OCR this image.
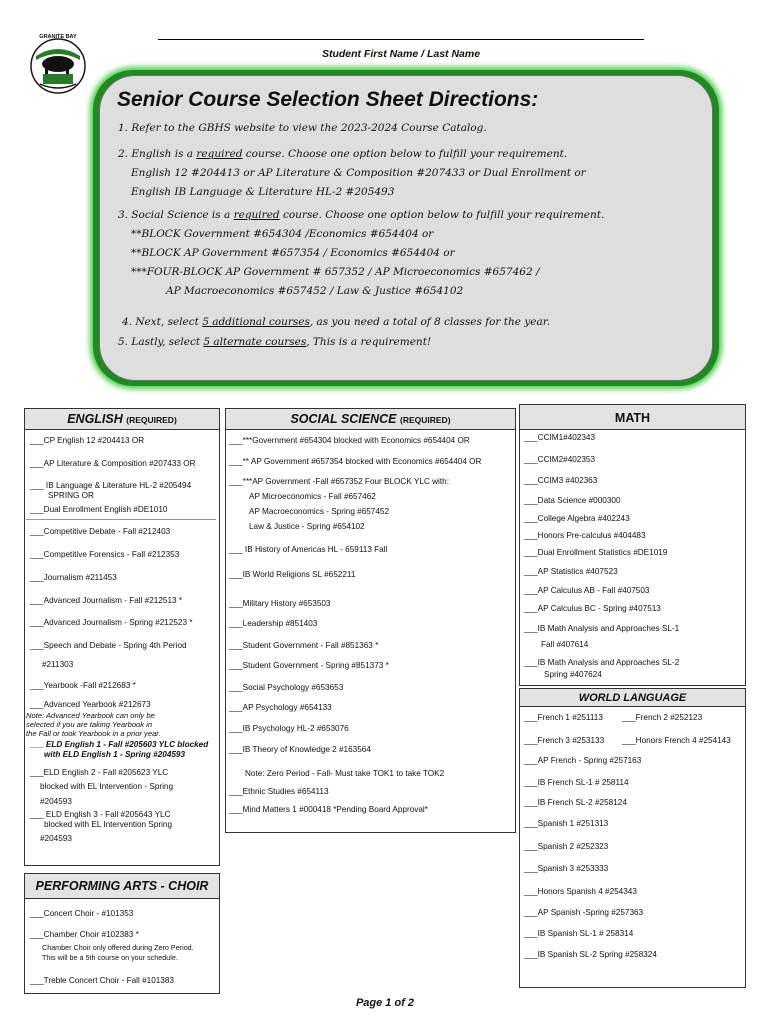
GRANITE BAY
Student First Name / Last Name
Senior Course Selection Sheet Directions:
1. Refer to the GBHS website to view the 2023-2024 Course Catalog.
2. English is a required course. Choose one option below to fulfill your requirement.
English 12 #204413 or AP Literature & Composition #207433 or Dual Enrollment or
English IB Language & Literature HL-2 #205493
3. Social Science is a required course. Choose one option below to fulfill your requirement.
**BLOCK Government #654304 /Economics #654404 or
**BLOCK AP Government #657354 / Economics #654404 or
***FOUR-BLOCK AP Government # 657352 / AP Microeconomics #657462 /
AP Macroeconomics #657452 / Law & Justice #654102
4. Next, select 5 additional courses, as you need a total of 8 classes for the year.
5. Lastly, select 5 alternate courses, This is a requirement!
ENGLISH (REQUIRED)
___CP English 12 #204413 OR
___AP Literature & Composition #207433 OR
___ IB Language & Literature HL-2 #205494
SPRING OR
___Dual Enrollment English #DE1010
___Competitive Debate - Fall #212403
___Competitive Forensics - Fall #212353
___Journalism #211453
___Advanced Journalism - Fall #212513 *
___Advanced Journalism - Spring #212523 *
___Speech and Debate - Spring 4th Period
#211303
___Yearbook -Fall #212683 *
___Advanced Yearbook #212673
Note: Advanced Yearbook can only be
selected if you are taking Yearbook in
the Fall or took Yearbook in a prior year.
___ ELD English 1 - Fall #205603 YLC blocked
with ELD English 1 - Spring #204593
___ELD English 2 - Fall #205623 YLC
blocked with EL Intervention - Spring
#204593
___ ELD English 3 - Fall #205643 YLC
blocked with EL Intervention Spring
#204593
PERFORMING ARTS - CHOIR
___Concert Choir - #101353
___Chamber Choir #102383 *
Chamber Choir only offered during Zero Period.
This will be a 5th course on your schedule.
___Treble Concert Choir - Fall #101383
SOCIAL SCIENCE (REQUIRED)
___***Government #654304 blocked with Economics #654404 OR
___** AP Government #657354 blocked with Economics #654404 OR
___***AP Government -Fall #657352 Four BLOCK YLC with:
AP Microeconomics - Fall #657462
AP Macroeconomics - Spring #657452
Law & Justice - Spring #654102
___ IB History of Americas HL - 659113 Fall
___IB World Religions SL #652211
___Military History #653503
___Leadership #851403
___Student Government - Fall #851363 *
___Student Government - Spring #851373 *
___Social Psychology #653653
___AP Psychology #654133
___IB Psychology HL-2 #653076
___IB Theory of Knowledge 2 #163564
Note: Zero Period - Fall- Must take TOK1 to take TOK2
___Ethnic Studies #654113
___Mind Matters 1 #000418 *Pending Board Approval*
MATH
___CCIM1#402343
___CCIM2#402353
___CCIM3 #402363
___Data Science #000300
___College Algebra #402243
___Honors Pre-calculus #404483
___Dual Enrollment Statistics #DE1019
___AP Statistics #407523
___AP Calculus AB - Fall #407503
___AP Calculus BC - Spring #407513
___IB Math Analysis and Approaches SL-1
Fall #407614
___IB Math Analysis and Approaches SL-2
Spring #407624
WORLD LANGUAGE
___French 1 #251113 ___French 2 #252123
___French 3 #253133 ___Honors French 4 #254143
___AP French - Spring #257163
___IB French SL-1 # 258114
___IB French SL-2 #258124
___Spanish 1 #251313
___Spanish 2 #252323
___Spanish 3 #253333
___Honors Spanish 4 #254343
___AP Spanish -Spring #257363
___IB Spanish SL-1 # 258314
___IB Spanish SL-2 Spring #258324
Page 1 of 2
